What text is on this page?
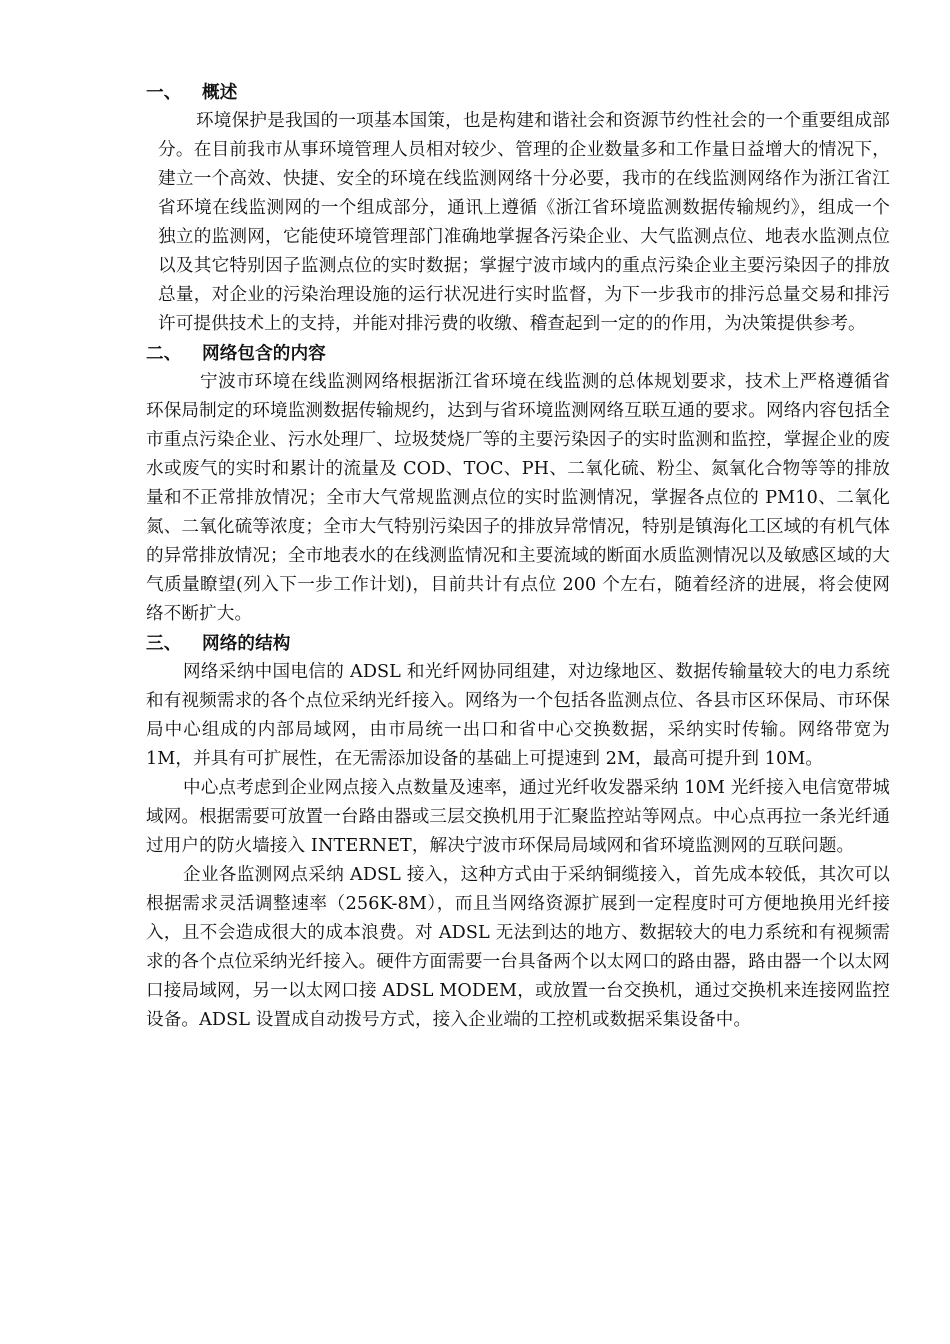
一、 概述

环境保护是我国的一项基本国策，也是构建和谐社会和资源节约性社会的一个重要组成部分。在目前我市从事环境管理人员相对较少、管理的企业数量多和工作量日益增大的情况下，建立一个高效、快捷、安全的环境在线监测网络十分必要，我市的在线监测网络作为浙江省江省环境在线监测网的一个组成部分，通讯上遵循《浙江省环境监测数据传输规约》，组成一个独立的监测网，它能使环境管理部门准确地掌握各污染企业、大气监测点位、地表水监测点位以及其它特别因子监测点位的实时数据；掌握宁波市域内的重点污染企业主要污染因子的排放总量，对企业的污染治理设施的运行状况进行实时监督，为下一步我市的排污总量交易和排污许可提供技术上的支持，并能对排污费的收缴、稽查起到一定的的作用，为决策提供参考。

二、 网络包含的内容

宁波市环境在线监测网络根据浙江省环境在线监测的总体规划要求，技术上严格遵循省环保局制定的环境监测数据传输规约，达到与省环境监测网络互联互通的要求。网络内容包括全市重点污染企业、污水处理厂、垃圾焚烧厂等的主要污染因子的实时监测和监控，掌握企业的废水或废气的实时和累计的流量及 COD、TOC、PH、二氧化硫、粉尘、氮氧化合物等等的排放量和不正常排放情况；全市大气常规监测点位的实时监测情况，掌握各点位的 PM10、二氧化氮、二氧化硫等浓度；全市大气特别污染因子的排放异常情况，特别是镇海化工区域的有机气体的异常排放情况；全市地表水的在线测监情况和主要流域的断面水质监测情况以及敏感区域的大气质量瞭望(列入下一步工作计划)，目前共计有点位 200 个左右，随着经济的进展，将会使网络不断扩大。

三、 网络的结构

网络采纳中国电信的 ADSL 和光纤网协同组建，对边缘地区、数据传输量较大的电力系统和有视频需求的各个点位采纳光纤接入。网络为一个包括各监测点位、各县市区环保局、市环保局中心组成的内部局域网，由市局统一出口和省中心交换数据，采纳实时传输。网络带宽为 1M，并具有可扩展性，在无需添加设备的基础上可提速到 2M，最高可提升到 10M。

中心点考虑到企业网点接入点数量及速率，通过光纤收发器采纳 10M 光纤接入电信宽带城域网。根据需要可放置一台路由器或三层交换机用于汇聚监控站等网点。中心点再拉一条光纤通过用户的防火墙接入 INTERNET，解决宁波市环保局局域网和省环境监测网的互联问题。

企业各监测网点采纳 ADSL 接入，这种方式由于采纳铜缆接入，首先成本较低，其次可以根据需求灵活调整速率（256K-8M），而且当网络资源扩展到一定程度时可方便地换用光纤接入，且不会造成很大的成本浪费。对 ADSL 无法到达的地方、数据较大的电力系统和有视频需求的各个点位采纳光纤接入。硬件方面需要一台具备两个以太网口的路由器，路由器一个以太网口接局域网，另一以太网口接 ADSL MODEM，或放置一台交换机，通过交换机来连接网监控设备。ADSL 设置成自动拨号方式，接入企业端的工控机或数据采集设备中。
